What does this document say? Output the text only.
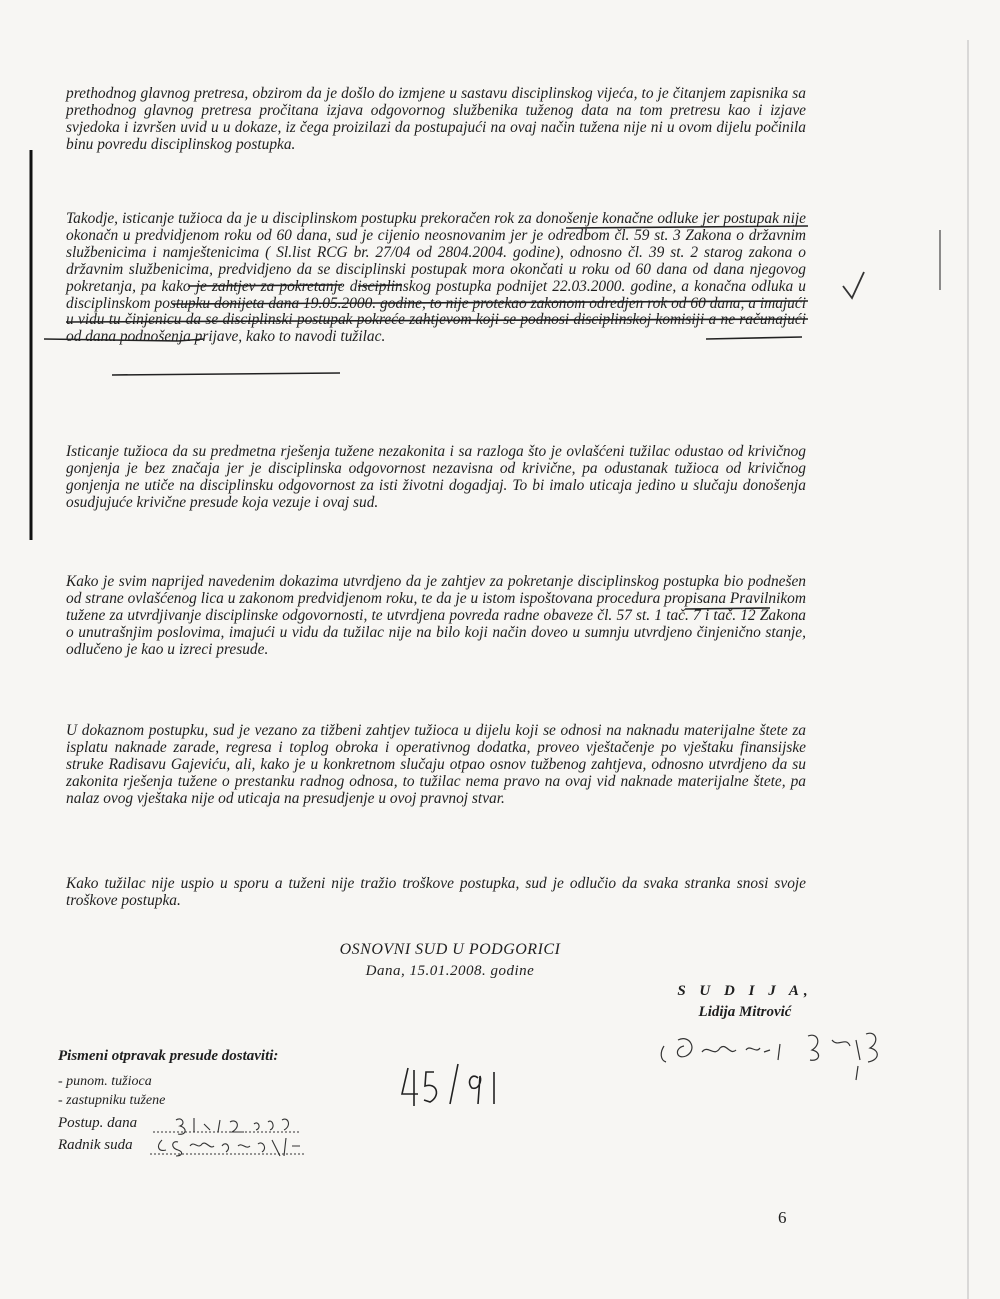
prethodnog glavnog pretresa, obzirom da je došlo do izmjene u sastavu disciplinskog vijeća, to je čitanjem zapisnika sa prethodnog glavnog pretresa pročitana izjava odgovornog službenika tuženog data na tom pretresu kao i izjave svjedoka i izvršen uvid u u dokaze, iz čega proizilazi da postupajući na ovaj način tužena nije ni u ovom dijelu počinila binu povredu disciplinskog postupka.

Takodje, isticanje tužioca da je u disciplinskom postupku prekoračen rok za donošenje konačne odluke jer postupak nije okonačn u predvidjenom roku od 60 dana, sud je cijenio neosnovanim jer je odredbom čl. 59 st. 3 Zakona o državnim službenicima i namještenicima ( Sl.list RCG br. 27/04 od 2804.2004. godine), odnosno čl. 39 st. 2 starog zakona o državnim službenicima, predvidjeno da se disciplinski postupak mora okončati u roku od 60 dana od dana njegovog pokretanja, pa kako je zahtjev za pokretanje disciplinskog postupka podnijet 22.03.2000. godine, a konačna odluka u disciplinskom postupku donijeta dana 19.05.2000. godine, to nije protekao zakonom odredjen rok od 60 dana, a imajući u vidu tu činjenicu da se disciplinski postupak pokreće zahtjevom koji se podnosi disciplinskoj komisiji a ne računajući od dana podnošenja prijave, kako to navodi tužilac.

Isticanje tužioca da su predmetna rješenja tužene nezakonita i sa razloga što je ovlašćeni tužilac odustao od krivičnog gonjenja je bez značaja jer je disciplinska odgovornost nezavisna od krivične, pa odustanak tužioca od krivičnog gonjenja ne utiče na disciplinsku odgovornost za isti životni dogadjaj. To bi imalo uticaja jedino u slučaju donošenja osudjujuće krivične presude koja vezuje i ovaj sud.

Kako je svim naprijed navedenim dokazima utvrdjeno da je zahtjev za pokretanje disciplinskog postupka bio podnešen od strane ovlašćenog lica u zakonom predvidjenom roku, te da je u istom ispoštovana procedura propisana Pravilnikom tužene za utvrdjivanje disciplinske odgovornosti, te utvrdjena povreda radne obaveze čl. 57 st. 1 tač. 7 i tač. 12 Zakona o unutrašnjim poslovima, imajući u vidu da tužilac nije na bilo koji način doveo u sumnju utvrdjeno činjenično stanje, odlučeno je kao u izreci presude.

U dokaznom postupku, sud je vezano za tižbeni zahtjev tužioca u dijelu koji se odnosi na naknadu materijalne štete za isplatu naknade zarade, regresa i toplog obroka i operativnog dodatka, proveo vještačenje po vještaku finansijske struke Radisavu Gajeviću, ali, kako je u konkretnom slučaju otpao osnov tužbenog zahtjeva, odnosno utvrdjeno da su zakonita rješenja tužene o prestanku radnog odnosa, to tužilac nema pravo na ovaj vid naknade materijalne štete, pa nalaz ovog vještaka nije od uticaja na presudjenje u ovoj pravnoj stvar.

Kako tužilac nije uspio u sporu a tuženi nije tražio troškove postupka, sud je odlučio da svaka stranka snosi svoje troškove postupka.

OSNOVNI SUD U PODGORICI
Dana, 15.01.2008. godine
S U D I J A,
Lidija Mitrović
Pismeni otpravak presude dostaviti:
- punom. tužioca
- zastupniku tužene
Postup. dana
Radnik suda
6
